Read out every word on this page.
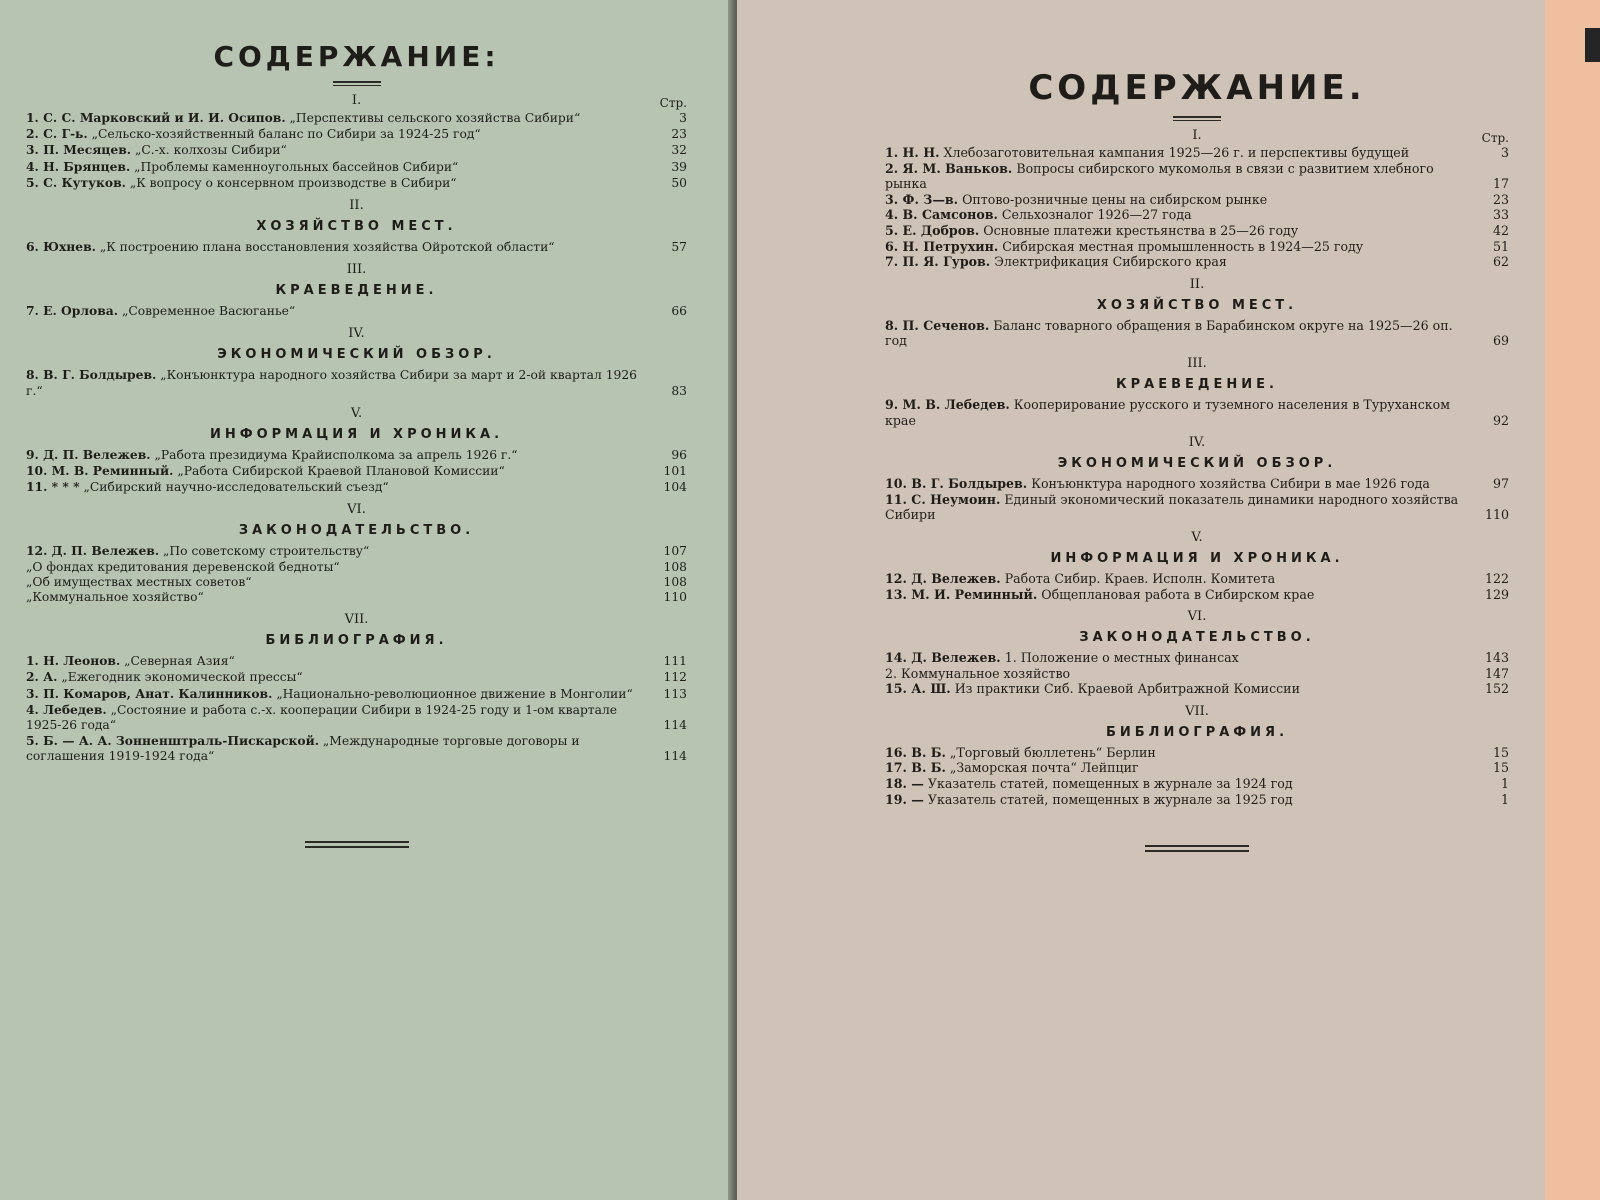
СОДЕРЖАНИЕ:
I.	Стр.
1. С. С. Марковский и И. И. Осипов. „Перспективы сельского хозяйства Сибири“	3
2. С. Г-ь. „Сельско-хозяйственный баланс по Сибири за 1924-25 год“	23
3. П. Месяцев. „С.-х. колхозы Сибири“	32
4. Н. Брянцев. „Проблемы каменноугольных бассейнов Сибири“	39
5. С. Кутуков. „К вопросу о консервном производстве в Сибири“	50
II.
ХОЗЯЙСТВО МЕСТ.
6. Юхнев. „К построению плана восстановления хозяйства Ойротской области“	57
III.
КРАЕВЕДЕНИЕ.
7. Е. Орлова. „Современное Васюганье“	66
IV.
ЭКОНОМИЧЕСКИЙ ОБЗОР.
8. В. Г. Болдырев. „Конъюнктура народного хозяйства Сибири за март и 2-ой квартал 1926 г.“	83
V.
ИНФОРМАЦИЯ И ХРОНИКА.
9. Д. П. Вележев. „Работа президиума Крайисполкома за апрель 1926 г.“	96
10. М. В. Реминный. „Работа Сибирской Краевой Плановой Комиссии“	101
11. * * * „Сибирский научно-исследовательский съезд“	104
VI.
ЗАКОНОДАТЕЛЬСТВО.
12. Д. П. Вележев. „По советскому строительству“	107
„О фондах кредитования деревенской бедноты“	108
„Об имуществах местных советов“	108
„Коммунальное хозяйство“	110
VII.
БИБЛИОГРАФИЯ.
1. Н. Леонов. „Северная Азия“	111
2. А. „Ежегодник экономической прессы“	112
3. П. Комаров, Анат. Калинников. „Национально-революционное движение в Монголии“	113
4. Лебедев. „Состояние и работа с.-х. кооперации Сибири в 1924-25 году и 1-ом квартале 1925-26 года“	114
5. Б. — А. А. Зонненштраль-Пискарской. „Международные торговые договоры и соглашения 1919-1924 года“	114
СОДЕРЖАНИЕ.
I.	Стр.
1. Н. Н. Хлебозаготовительная кампания 1925—26 г. и перспективы будущей	3
2. Я. М. Ваньков. Вопросы сибирского мукомолья в связи с развитием хлебного рынка	17
3. Ф. З—в. Оптово-розничные цены на сибирском рынке	23
4. В. Самсонов. Сельхозналог 1926—27 года	33
5. Е. Добров. Основные платежи крестьянства в 25—26 году	42
6. Н. Петрухин. Сибирская местная промышленность в 1924—25 году	51
7. П. Я. Гуров. Электрификация Сибирского края	62
II.
ХОЗЯЙСТВО МЕСТ.
8. П. Сеченов. Баланс товарного обращения в Барабинском округе на 1925—26 оп. год	69
III.
КРАЕВЕДЕНИЕ.
9. М. В. Лебедев. Кооперирование русского и туземного населения в Туруханском крае	92
IV.
ЭКОНОМИЧЕСКИЙ ОБЗОР.
10. В. Г. Болдырев. Конъюнктура народного хозяйства Сибири в мае 1926 года	97
11. С. Неумоин. Единый экономический показатель динамики народного хозяйства Сибири	110
V.
ИНФОРМАЦИЯ И ХРОНИКА.
12. Д. Вележев. Работа Сибир. Краев. Исполн. Комитета	122
13. М. И. Реминный. Общеплановая работа в Сибирском крае	129
VI.
ЗАКОНОДАТЕЛЬСТВО.
14. Д. Вележев. 1. Положение о местных финансах	143
2. Коммунальное хозяйство	147
15. А. Ш. Из практики Сиб. Краевой Арбитражной Комиссии	152
VII.
БИБЛИОГРАФИЯ.
16. В. Б. „Торговый бюллетень“ Берлин	15
17. В. Б. „Заморская почта“ Лейпциг	15
18. — Указатель статей, помещенных в журнале за 1924 год	1
19. — Указатель статей, помещенных в журнале за 1925 год	1
